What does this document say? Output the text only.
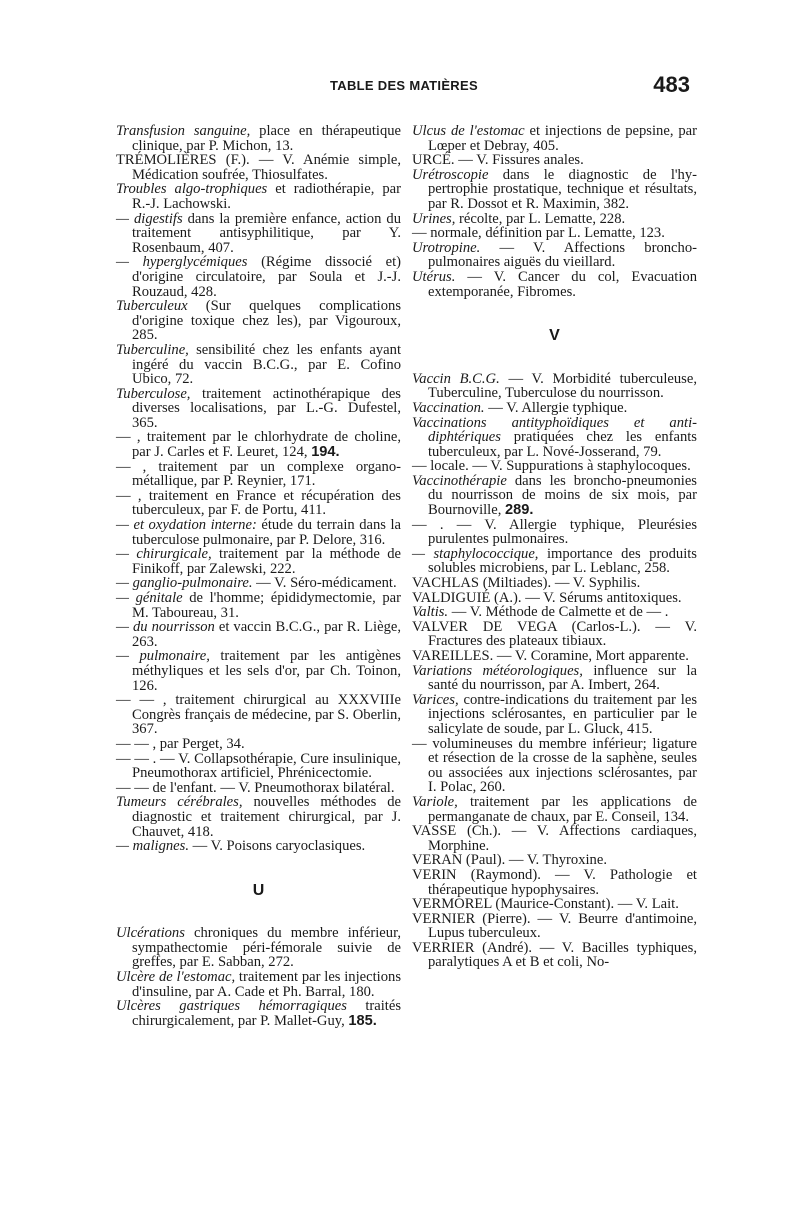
TABLE DES MATIÈRES	483
Transfusion sanguine, place en thérapeutique clinique, par P. Michon, 13.
TRÉMOLIÈRES (F.). — V. Anémie simple, Médication soufrée, Thiosulfates.
Troubles algo-trophiques et radiothérapie, par R.-J. Lachowski.
— digestifs dans la première enfance, action du traitement antisyphilitique, par Y. Rosenbaum, 407.
— hyperglycémiques (Régime dissocié et) d'origine circulatoire, par Soula et J.-J. Rouzaud, 428.
Tuberculeux (Sur quelques complications d'origine toxique chez les), par Vigouroux, 285.
Tuberculine, sensibilité chez les enfants ayant ingéré du vaccin B.C.G., par E. Cofino Ubico, 72.
Tuberculose, traitement actinothérapique des diverses localisations, par L.-G. Dufestel, 365.
— , traitement par le chlorhydrate de choline, par J. Carles et F. Leuret, 124, 194.
— , traitement par un complexe organométallique, par P. Reynier, 171.
— , traitement en France et récupération des tuberculeux, par F. de Portu, 411.
— et oxydation interne: étude du terrain dans la tuberculose pulmonaire, par P. Delore, 316.
— chirurgicale, traitement par la méthode de Finikoff, par Zalewski, 222.
— ganglio-pulmonaire. — V. Séro-médicament.
— génitale de l'homme; épididymectomie, par M. Taboureau, 31.
— du nourrisson et vaccin B.C.G., par R. Liège, 263.
— pulmonaire, traitement par les antigènes méthyliques et les sels d'or, par Ch. Toinon, 126.
— — , traitement chirurgical au XXXVIIIe Congrès français de médecine, par S. Oberlin, 367.
— — , par Perget, 34.
— — . — V. Collapsothérapie, Cure insulinique, Pneumothorax artificiel, Phrénicectomie.
— — de l'enfant. — V. Pneumothorax bilatéral.
Tumeurs cérébrales, nouvelles méthodes de diagnostic et traitement chirurgical, par J. Chauvet, 418.
— malignes. — V. Poisons caryoclasiques.
U
Ulcérations chroniques du membre inférieur, sympathectomie péri-fémorale suivie de greffes, par E. Sabban, 272.
Ulcère de l'estomac, traitement par les injections d'insuline, par A. Cade et Ph. Barral, 180.
Ulcères gastriques hémorragiques traités chirurgicalement, par P. Mallet-Guy, 185.
Ulcus de l'estomac et injections de pepsine, par Lœper et Debray, 405.
URCÉ. — V. Fissures anales.
Urétroscopie dans le diagnostic de l'hypertrophie prostatique, technique et résultats, par R. Dossot et R. Maximin, 382.
Urines, récolte, par L. Lematte, 228.
— normale, définition par L. Lematte, 123.
Urotropine. — V. Affections bronchopulmonaires aiguës du vieillard.
Utérus. — V. Cancer du col, Evacuation extemporanée, Fibromes.
V
Vaccin B.C.G. — V. Morbidité tuberculeuse, Tuberculine, Tuberculose du nourrisson.
Vaccination. — V. Allergie typhique.
Vaccinations antityphoïdiques et antidiphtériques pratiquées chez les enfants tuberculeux, par L. Nové-Josserand, 79.
— locale. — V. Suppurations à staphylocoques.
Vaccinothérapie dans les broncho-pneumonies du nourrisson de moins de six mois, par Bournoville, 289.
— . — V. Allergie typhique, Pleurésies purulentes pulmonaires.
— staphylococcique, importance des produits solubles microbiens, par L. Leblanc, 258.
VACHLAS (Miltiades). — V. Syphilis.
VALDIGUIÉ (A.). — V. Sérums antitoxiques.
Valtis. — V. Méthode de Calmette et de — .
VALVER DE VEGA (Carlos-L.). — V. Fractures des plateaux tibiaux.
VAREILLES. — V. Coramine, Mort apparente.
Variations météorologiques, influence sur la santé du nourrisson, par A. Imbert, 264.
Varices, contre-indications du traitement par les injections sclérosantes, en particulier par le salicylate de soude, par L. Gluck, 415.
— volumineuses du membre inférieur; ligature et résection de la crosse de la saphène, seules ou associées aux injections sclérosantes, par I. Polac, 260.
Variole, traitement par les applications de permanganate de chaux, par E. Conseil, 134.
VASSE (Ch.). — V. Affections cardiaques, Morphine.
VERAN (Paul). — V. Thyroxine.
VERIN (Raymond). — V. Pathologie et thérapeutique hypophysaires.
VERMOREL (Maurice-Constant). — V. Lait.
VERNIER (Pierre). — V. Beurre d'antimoine, Lupus tuberculeux.
VERRIER (André). — V. Bacilles typhiques, paralytiques A et B et coli, No-
